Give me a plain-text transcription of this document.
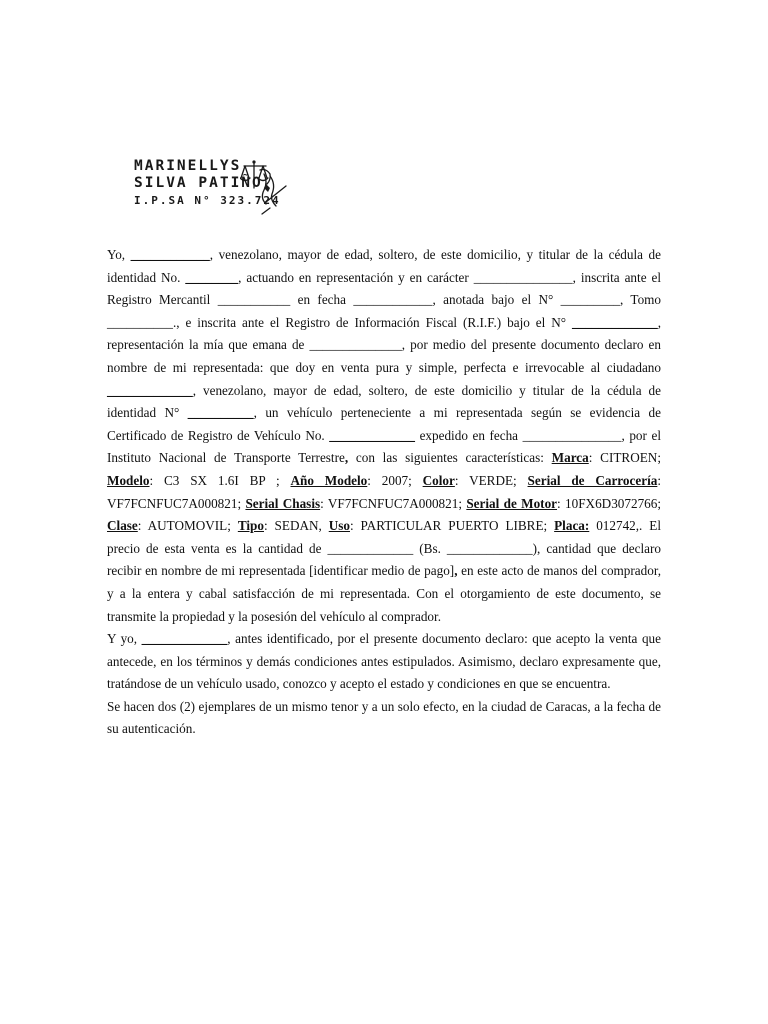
MARINELLYS
SILVA PATIÑO
I.P.SA N° 323.724

Yo, ____________, venezolano, mayor de edad, soltero, de este domicilio, y titular de la cédula de identidad No. ________, actuando en representación y en carácter _______________, inscrita ante el Registro Mercantil ___________ en fecha ____________, anotada bajo el N° _________, Tomo __________., e inscrita ante el Registro de Información Fiscal (R.I.F.) bajo el N° _____________, representación la mía que emana de ______________, por medio del presente documento declaro en nombre de mi representada: que doy en venta pura y simple, perfecta e irrevocable al ciudadano _____________, venezolano, mayor de edad, soltero, de este domicilio y titular de la cédula de identidad N° __________, un vehículo perteneciente a mi representada según se evidencia de Certificado de Registro de Vehículo No. _____________ expedido en fecha _______________, por el Instituto Nacional de Transporte Terrestre, con las siguientes características: Marca: CITROEN; Modelo: C3 SX 1.6I BP ; Año Modelo: 2007; Color: VERDE; Serial de Carrocería: VF7FCNFUC7A000821; Serial Chasis: VF7FCNFUC7A000821; Serial de Motor: 10FX6D3072766; Clase: AUTOMOVIL; Tipo: SEDAN, Uso: PARTICULAR PUERTO LIBRE; Placa: 012742,. El precio de esta venta es la cantidad de _____________ (Bs. _____________), cantidad que declaro recibir en nombre de mi representada [identificar medio de pago], en este acto de manos del comprador, y a la entera y cabal satisfacción de mi representada. Con el otorgamiento de este documento, se transmite la propiedad y la posesión del vehículo al comprador.

Y yo, _____________, antes identificado, por el presente documento declaro: que acepto la venta que antecede, en los términos y demás condiciones antes estipulados. Asimismo, declaro expresamente que, tratándose de un vehículo usado, conozco y acepto el estado y condiciones en que se encuentra.

Se hacen dos (2) ejemplares de un mismo tenor y a un solo efecto, en la ciudad de Caracas, a la fecha de su autenticación.
